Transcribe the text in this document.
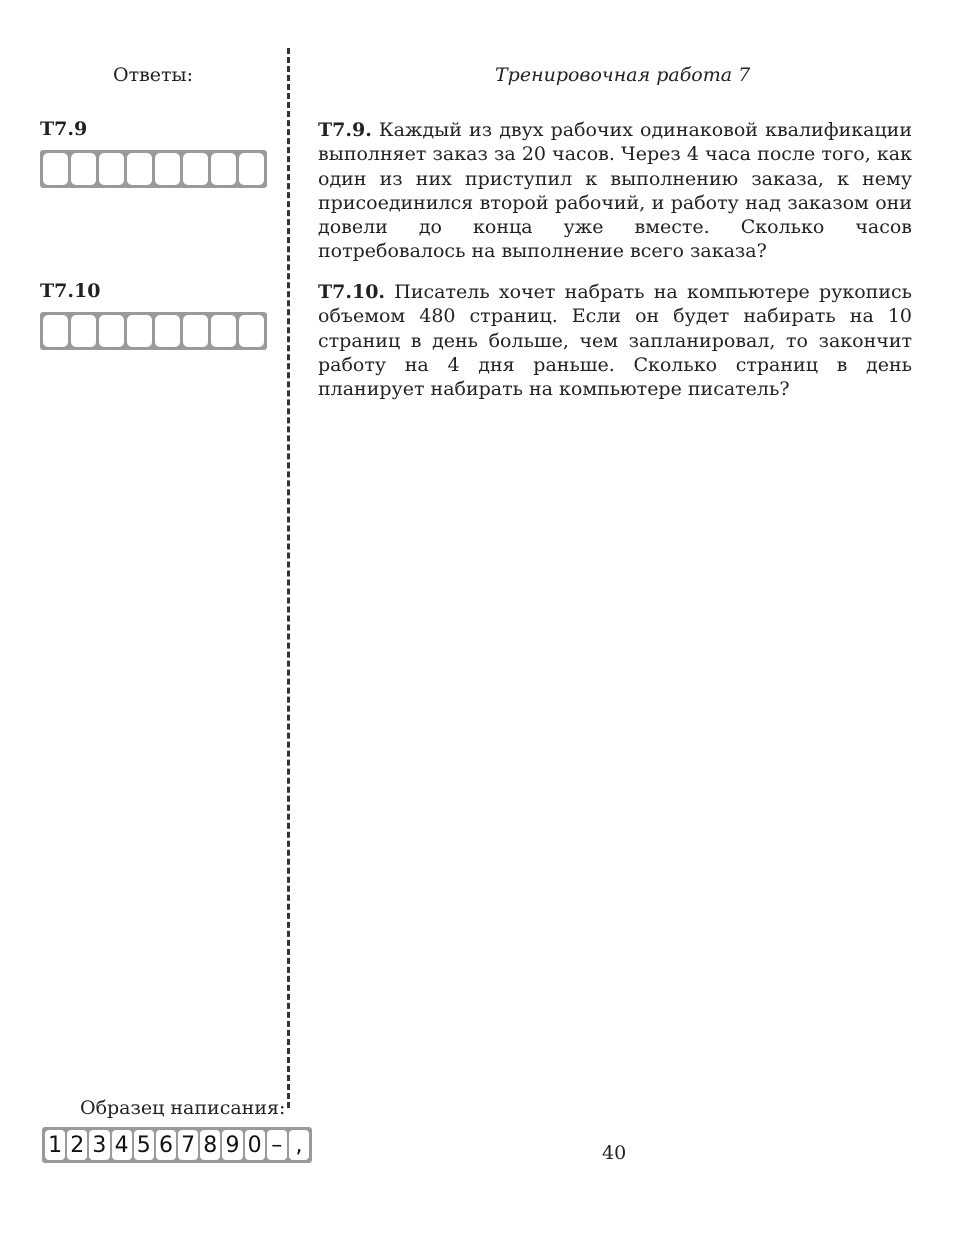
Ответы:	Тренировочная работа 7
T7.9
T7.10
T7.9. Каждый из двух рабочих одинаковой квалификации выполняет заказ за 20 часов. Через 4 часа после того, как один из них приступил к выполнению заказа, к нему присоединился второй рабочий, и работу над заказом они довели до конца уже вместе. Сколько часов потребовалось на выполнение всего заказа?
T7.10. Писатель хочет набрать на компьютере рукопись объемом 480 страниц. Если он будет набирать на 10 страниц в день больше, чем запланировал, то закончит работу на 4 дня раньше. Сколько страниц в день планирует набирать на компьютере писатель?
Образец написания:
1 2 3 4 5 6 7 8 9 0 – ,	40
